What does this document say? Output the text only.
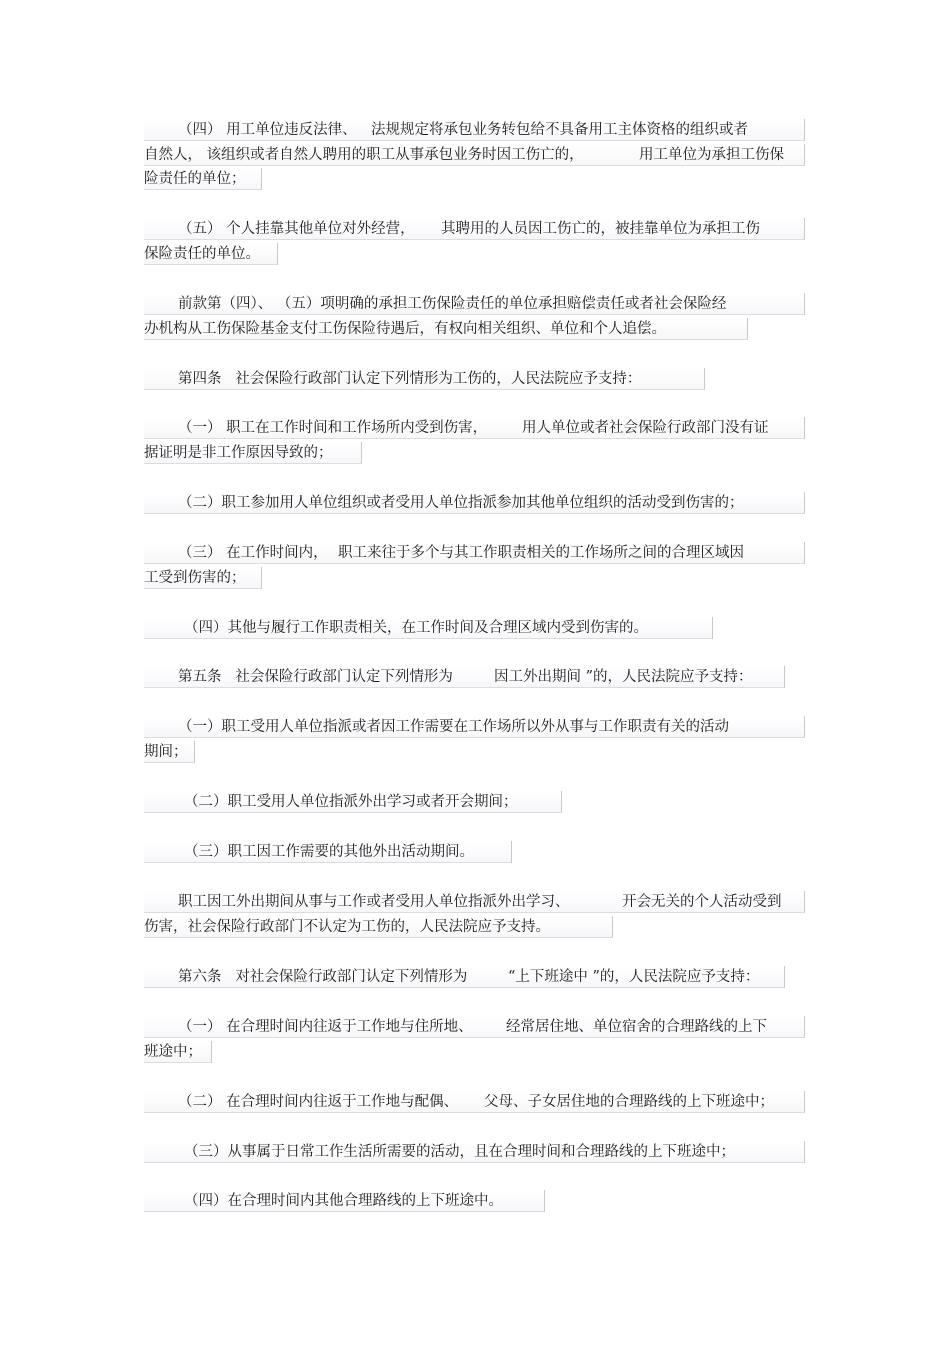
（四） 用工单位违反法律、 法规规定将承包业务转包给不具备用工主体资格的组织或者
自然人， 该组织或者自然人聘用的职工从事承包业务时因工伤亡的，	用工单位为承担工伤保
险责任的单位；
（五） 个人挂靠其他单位对外经营， 其聘用的人员因工伤亡的，被挂靠单位为承担工伤
保险责任的单位。
前款第（四）、 （五）项明确的承担工伤保险责任的单位承担赔偿责任或者社会保险经
办机构从工伤保险基金支付工伤保险待遇后，有权向相关组织、单位和个人追偿。
第四条   社会保险行政部门认定下列情形为工伤的，人民法院应予支持：
（一） 职工在工作时间和工作场所内受到伤害， 用人单位或者社会保险行政部门没有证
据证明是非工作原因导致的；
（二）职工参加用人单位组织或者受用人单位指派参加其他单位组织的活动受到伤害的；
（三） 在工作时间内， 职工来往于多个与其工作职责相关的工作场所之间的合理区域因
工受到伤害的；
（四）其他与履行工作职责相关，在工作时间及合理区域内受到伤害的。
第五条   社会保险行政部门认定下列情形为	因工外出期间 ”的，人民法院应予支持：
（一）职工受用人单位指派或者因工作需要在工作场所以外从事与工作职责有关的活动
期间；
（二）职工受用人单位指派外出学习或者开会期间；
（三）职工因工作需要的其他外出活动期间。
职工因工外出期间从事与工作或者受用人单位指派外出学习、	开会无关的个人活动受到
伤害，社会保险行政部门不认定为工伤的，人民法院应予支持。
第六条   对社会保险行政部门认定下列情形为	“上下班途中 ”的，人民法院应予支持：
（一） 在合理时间内往返于工作地与住所地、 经常居住地、单位宿舍的合理路线的上下
班途中；
（二） 在合理时间内往返于工作地与配偶、 父母、子女居住地的合理路线的上下班途中；
（三）从事属于日常工作生活所需要的活动，且在合理时间和合理路线的上下班途中；
（四）在合理时间内其他合理路线的上下班途中。
